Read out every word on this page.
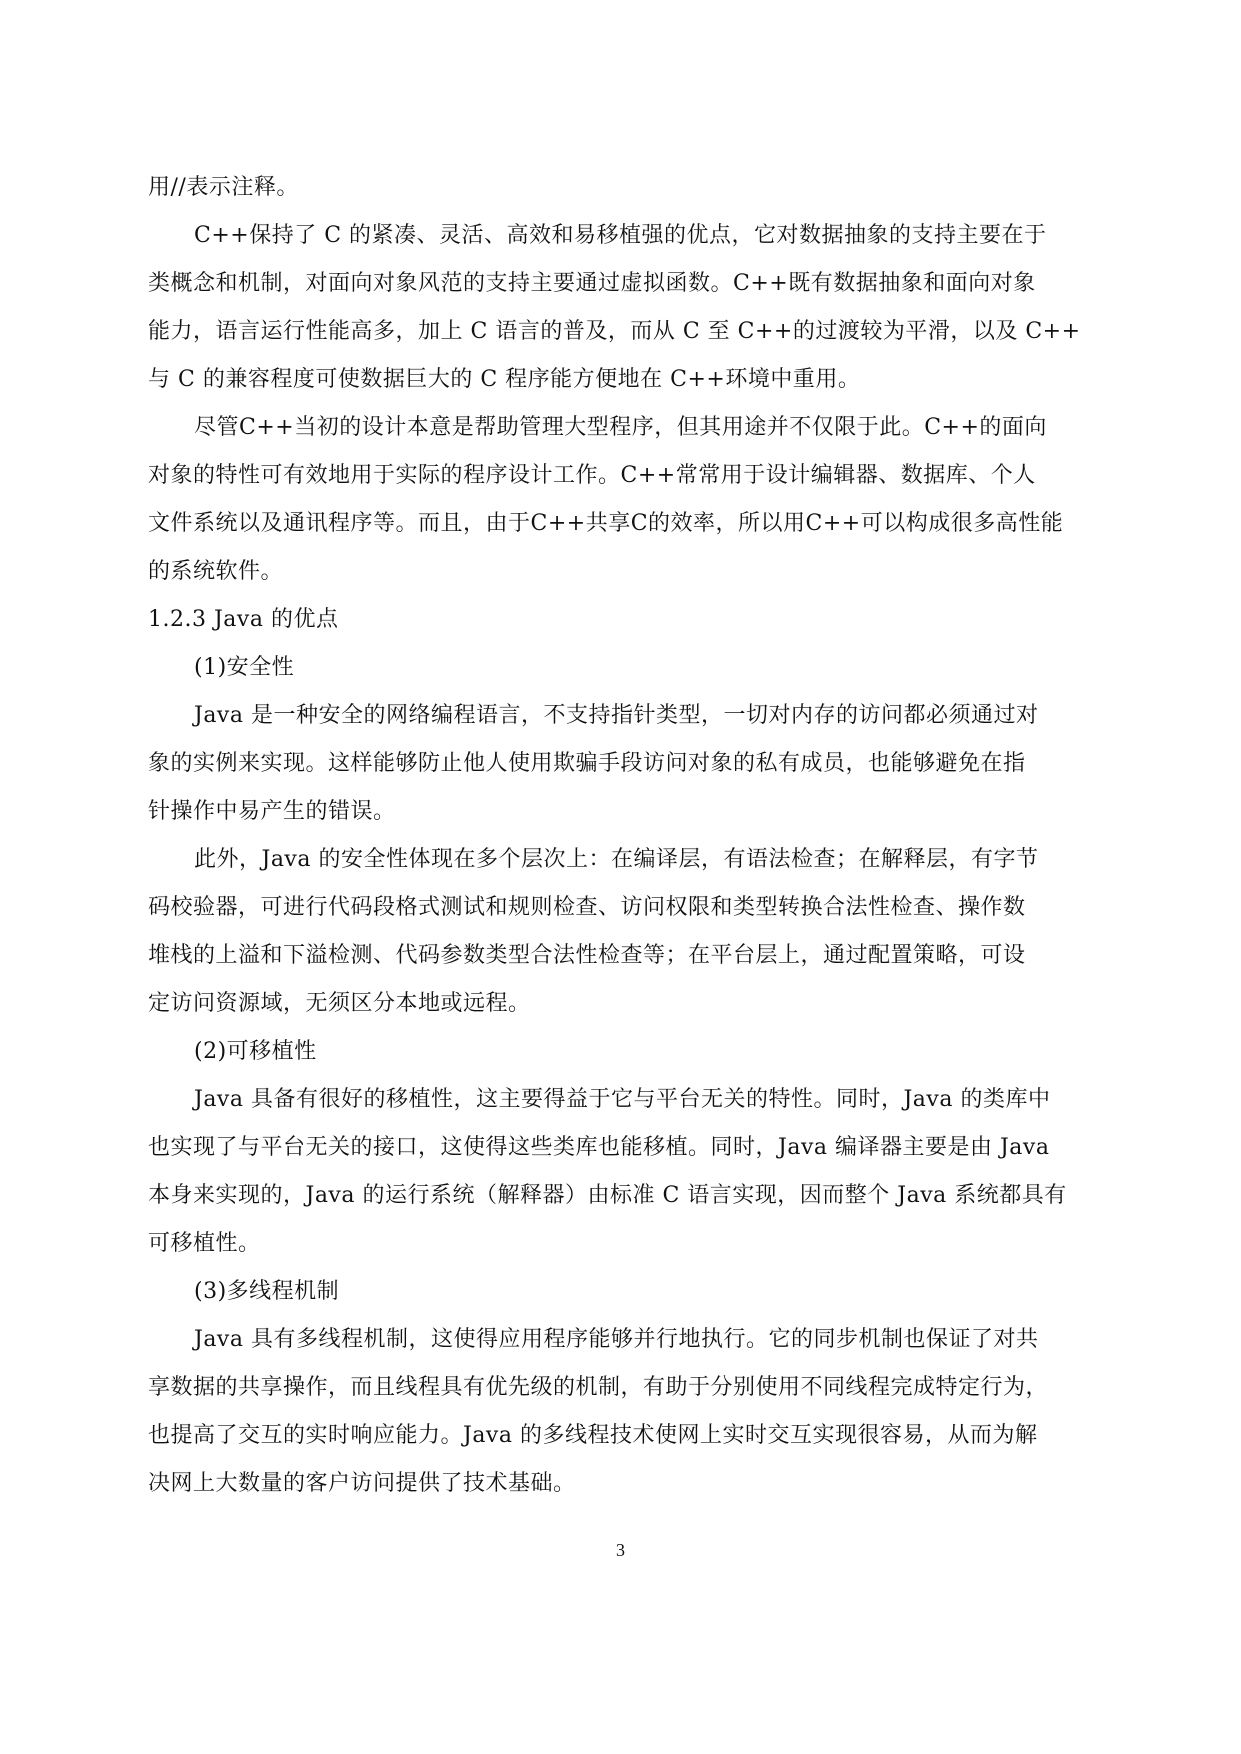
用//表示注释。
C++保持了 C 的紧凑、灵活、高效和易移植强的优点，它对数据抽象的支持主要在于
类概念和机制，对面向对象风范的支持主要通过虚拟函数。C++既有数据抽象和面向对象
能力，语言运行性能高多，加上 C 语言的普及，而从 C 至 C++的过渡较为平滑，以及 C++
与 C 的兼容程度可使数据巨大的 C 程序能方便地在 C++环境中重用。
尽管C++当初的设计本意是帮助管理大型程序，但其用途并不仅限于此。C++的面向
对象的特性可有效地用于实际的程序设计工作。C++常常用于设计编辑器、数据库、个人
文件系统以及通讯程序等。而且，由于C++共享C的效率，所以用C++可以构成很多高性能
的系统软件。
1.2.3 Java 的优点
(1)安全性
Java 是一种安全的网络编程语言，不支持指针类型，一切对内存的访问都必须通过对
象的实例来实现。这样能够防止他人使用欺骗手段访问对象的私有成员，也能够避免在指
针操作中易产生的错误。
此外，Java 的安全性体现在多个层次上：在编译层，有语法检查；在解释层，有字节
码校验器，可进行代码段格式测试和规则检查、访问权限和类型转换合法性检查、操作数
堆栈的上溢和下溢检测、代码参数类型合法性检查等；在平台层上，通过配置策略，可设
定访问资源域，无须区分本地或远程。
(2)可移植性
Java 具备有很好的移植性，这主要得益于它与平台无关的特性。同时，Java 的类库中
也实现了与平台无关的接口，这使得这些类库也能移植。同时，Java 编译器主要是由 Java
本身来实现的，Java 的运行系统（解释器）由标准 C 语言实现，因而整个 Java 系统都具有
可移植性。
(3)多线程机制
Java 具有多线程机制，这使得应用程序能够并行地执行。它的同步机制也保证了对共
享数据的共享操作，而且线程具有优先级的机制，有助于分别使用不同线程完成特定行为，
也提高了交互的实时响应能力。Java 的多线程技术使网上实时交互实现很容易，从而为解
决网上大数量的客户访问提供了技术基础。
3
